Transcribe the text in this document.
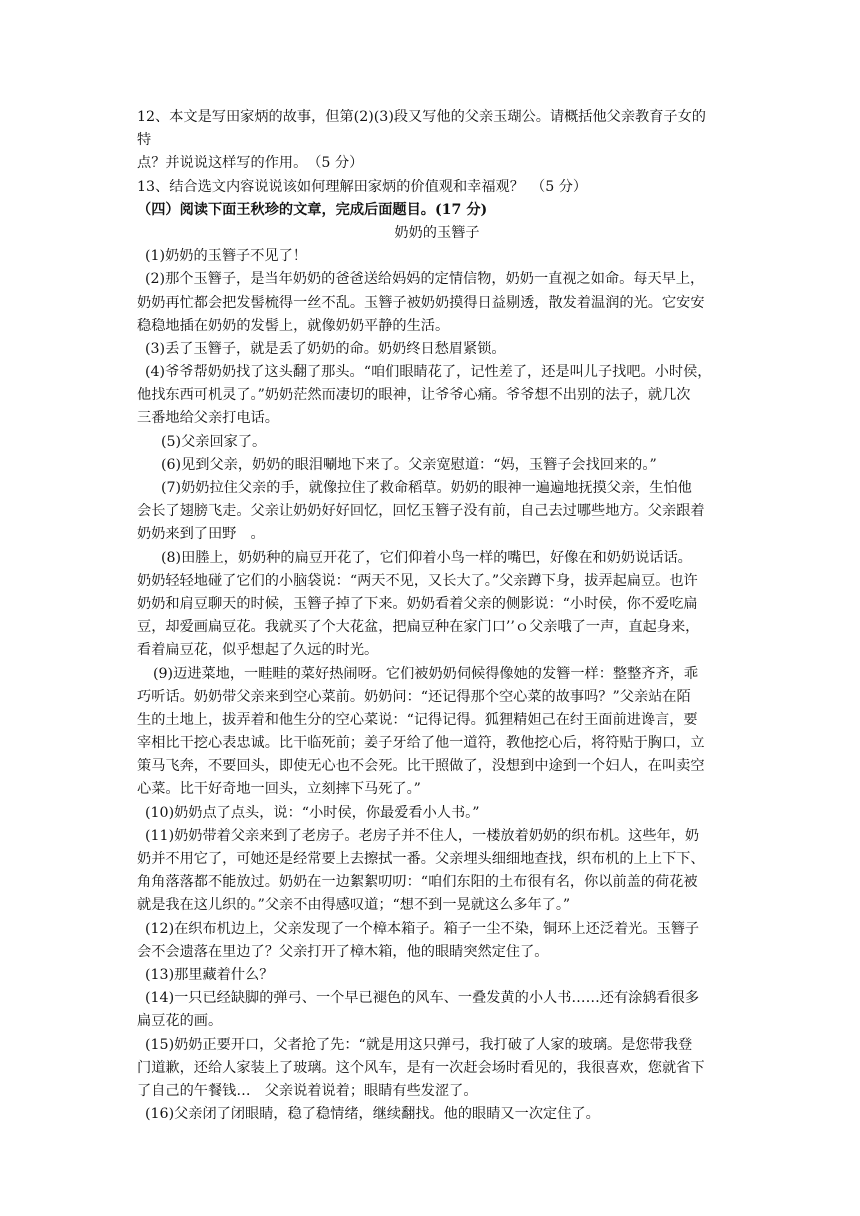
12、本文是写田家炳的故事，但第(2)(3)段又写他的父亲玉瑚公。请概括他父亲教育子女的
特
点？并说说这样写的作用。　（5 分）
13、结合选文内容说说该如何理解田家炳的价值观和幸福观？　（5 分）
（四）阅读下面王秋珍的文章，完成后面题目。(17 分)
奶奶的玉簪子
(1)奶奶的玉簪子不见了！
(2)那个玉簪子，是当年奶奶的爸爸送给妈妈的定情信物，奶奶一直视之如命。每天早上，
奶奶再忙都会把发髻梳得一丝不乱。玉簪子被奶奶摸得日益剔透，散发着温润的光。它安安
稳稳地插在奶奶的发髻上，就像奶奶平静的生活。
(3)丢了玉簪子，就是丢了奶奶的命。奶奶终日愁眉紧锁。
(4)爷爷帮奶奶找了这头翻了那头。“咱们眼睛花了，记性差了，还是叫儿子找吧。小时侯，
他找东西可机灵了。”奶奶茫然而凄切的眼神，让爷爷心痛。爷爷想不出别的法子，就几次
三番地给父亲打电话。
(5)父亲回家了。
(6)见到父亲，奶奶的眼泪唰地下来了。父亲宽慰道：“妈，玉簪子会找回来的。”
(7)奶奶拉住父亲的手，就像拉住了救命稻草。奶奶的眼神一遍遍地抚摸父亲，生怕他
会长了翅膀飞走。父亲让奶奶好好回忆，回忆玉簪子没有前，自己去过哪些地方。父亲跟着
奶奶来到了田野　。
(8)田塍上，奶奶种的扁豆开花了，它们仰着小鸟一样的嘴巴，好像在和奶奶说话话。
奶奶轻轻地碰了它们的小脑袋说：“两天不见，又长大了。”父亲蹲下身，拔弄起扁豆。也许
奶奶和肩豆聊天的时候，玉簪子掉了下来。奶奶看着父亲的侧影说：“小时侯，你不爱吃扁
豆，却爱画扁豆花。我就买了个大花盆，把扁豆种在家门口’’ｏ父亲哦了一声，直起身来，
看着扁豆花，似乎想起了久远的时光。
(9)迈进菜地，一畦畦的菜好热闹呀。它们被奶奶伺候得像她的发簪一样：整整齐齐，乖
巧听话。奶奶带父亲来到空心菜前。奶奶问：“还记得那个空心菜的故事吗？”父亲站在陌
生的土地上，拔弄着和他生分的空心菜说：“记得记得。狐狸精妲己在纣王面前进谗言，要
宰相比干挖心表忠诚。比干临死前；姜子牙给了他一道符，教他挖心后，将符贴于胸口，立
策马飞奔，不要回头，即使无心也不会死。比干照做了，没想到中途到一个妇人，在叫卖空
心菜。比干好奇地一回头，立刻摔下马死了。”
(10)奶奶点了点头，说：“小时侯，你最爱看小人书。”
(11)奶奶带着父亲来到了老房子。老房子并不住人，一楼放着奶奶的织布机。这些年，奶
奶并不用它了，可她还是经常要上去擦拭一番。父亲埋头细细地查找，织布机的上上下下、
角角落落都不能放过。奶奶在一边絮絮叨叨：“咱们东阳的土布很有名，你以前盖的荷花被
就是我在这儿织的。”父亲不由得感叹道；“想不到一晃就这么多年了。”
(12)在织布机边上，父亲发现了一个樟本箱子。箱子一尘不染，铜环上还泛着光。玉簪子
会不会遗落在里边了？父亲打开了樟木箱，他的眼睛突然定住了。
(13)那里藏着什么？
(14)一只已经缺脚的弹弓、一个早已褪色的风车、一叠发黄的小人书……还有涂鸫看很多
扁豆花的画。
(15)奶奶正要开口，父者抢了先：“就是用这只弹弓，我打破了人家的玻璃。是您带我登
门道歉，还给人家装上了玻璃。这个风车，是有一次赶会场时看见的，我很喜欢，您就省下
了自己的午餐钱…　父亲说着说着；眼睛有些发涩了。
(16)父亲闭了闭眼睛，稳了稳情绪，继续翻找。他的眼睛又一次定住了。
